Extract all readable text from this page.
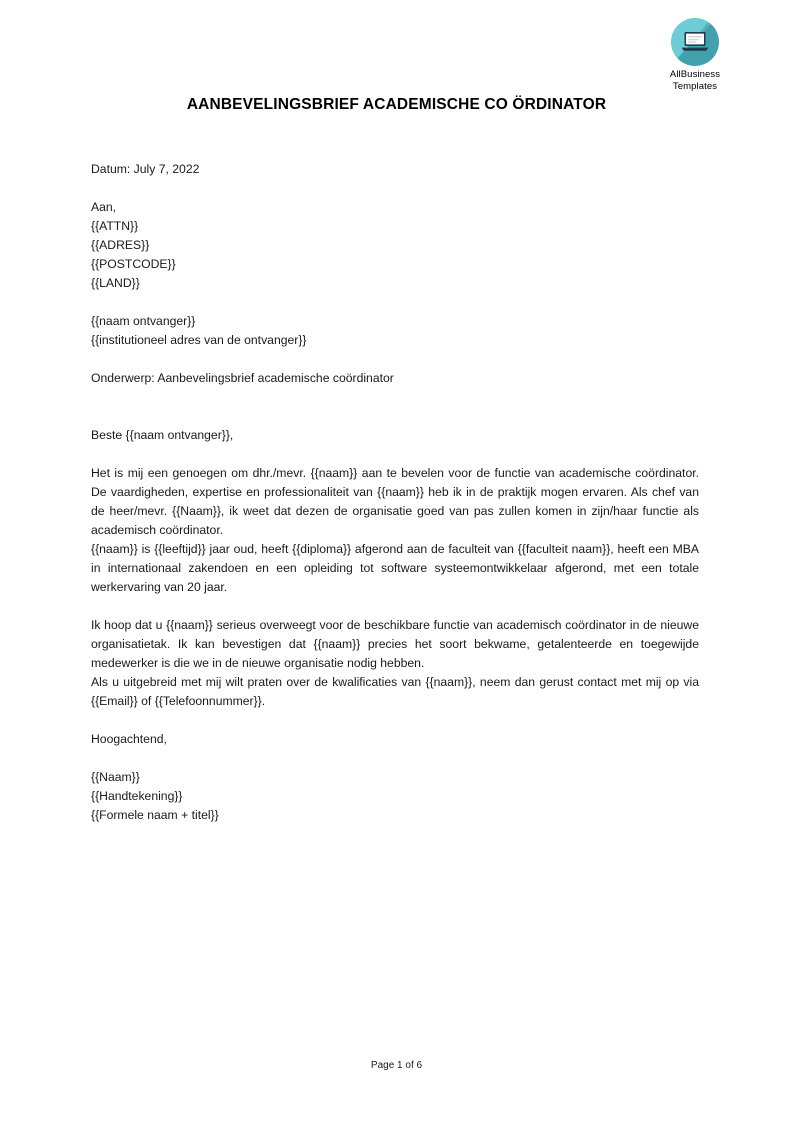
AllBusiness
Templates
AANBEVELINGSBRIEF ACADEMISCHE CO ÖRDINATOR
Datum: July 7, 2022
Aan,
{{ATTN}}
{{ADRES}}
{{POSTCODE}}
{{LAND}}
{{naam ontvanger}}
{{institutioneel adres van de ontvanger}}
Onderwerp: Aanbevelingsbrief academische coördinator
Beste {{naam ontvanger}},

Het is mij een genoegen om dhr./mevr. {{naam}} aan te bevelen voor de functie van academische coördinator. De vaardigheden, expertise en professionaliteit van {{naam}} heb ik in de praktijk mogen ervaren. Als chef van de heer/mevr. {{Naam}}, ik weet dat dezen de organisatie goed van pas zullen komen in zijn/haar functie als academisch coördinator.

{{naam}} is {{leeftijd}} jaar oud, heeft {{diploma}} afgerond aan de faculteit van {{faculteit naam}}, heeft een MBA in internationaal zakendoen en een opleiding tot software systeemontwikkelaar afgerond, met een totale werkervaring van 20 jaar.

Ik hoop dat u {{naam}} serieus overweegt voor de beschikbare functie van academisch coördinator in de nieuwe organisatietak. Ik kan bevestigen dat {{naam}} precies het soort bekwame, getalenteerde en toegewijde medewerker is die we in de nieuwe organisatie nodig hebben.

Als u uitgebreid met mij wilt praten over de kwalificaties van {{naam}}, neem dan gerust contact met mij op via {{Email}} of {{Telefoonnummer}}.

Hoogachtend,
{{Naam}}
{{Handtekening}}
{{Formele naam + titel}}
Page 1 of 6
